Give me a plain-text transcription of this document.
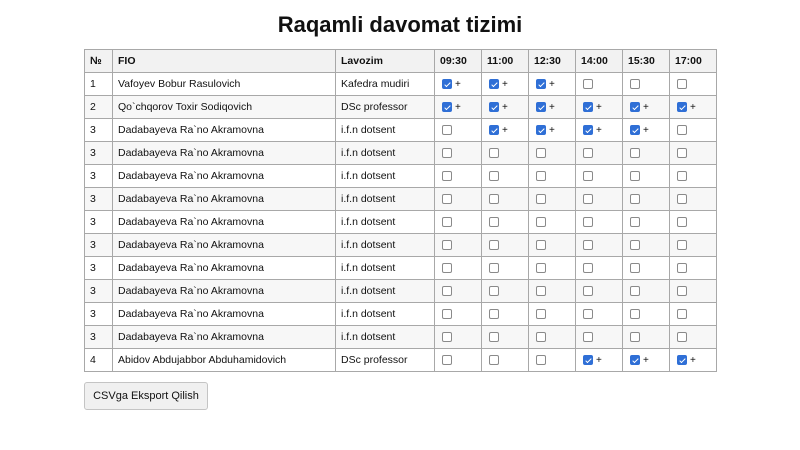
Raqamli davomat tizimi
№	FIO	Lavozim	09:30	11:00	12:30	14:00	15:30	17:00
1	Vafoyev Bobur Rasulovich	Kafedra mudiri	+	+	+			
2	Qo`chqorov Toxir Sodiqovich	DSc professor	+	+	+	+	+	+
3	Dadabayeva Ra`no Akramovna	i.f.n dotsent		+	+	+	+	
3	Dadabayeva Ra`no Akramovna	i.f.n dotsent						
3	Dadabayeva Ra`no Akramovna	i.f.n dotsent						
3	Dadabayeva Ra`no Akramovna	i.f.n dotsent						
3	Dadabayeva Ra`no Akramovna	i.f.n dotsent						
3	Dadabayeva Ra`no Akramovna	i.f.n dotsent						
3	Dadabayeva Ra`no Akramovna	i.f.n dotsent						
3	Dadabayeva Ra`no Akramovna	i.f.n dotsent						
3	Dadabayeva Ra`no Akramovna	i.f.n dotsent						
3	Dadabayeva Ra`no Akramovna	i.f.n dotsent						
4	Abidov Abdujabbor Abduhamidovich	DSc professor				+	+	+
CSVga Eksport Qilish
